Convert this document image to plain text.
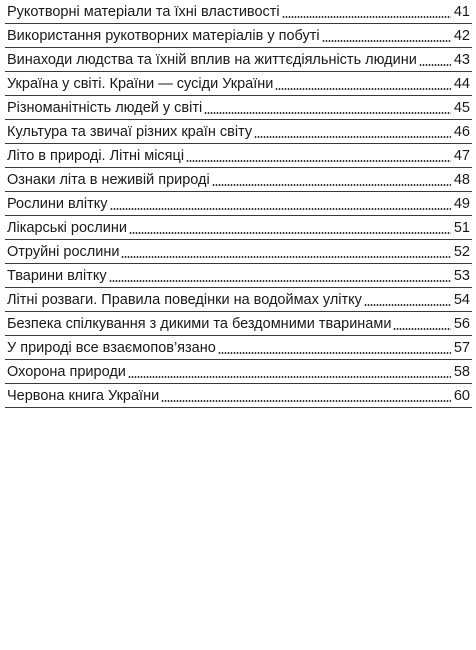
Рукотворні матеріали та їхні властивості	41
Використання рукотворних матеріалів у побуті	42
Винаходи людства та їхній вплив на життєдіяльність людини	43
Україна у світі. Країни — сусіди України	44
Різноманітність людей у світі	45
Культура та звичаї різних країн світу	46
Літо в природі. Літні місяці	47
Ознаки літа в неживій природі	48
Рослини влітку	49
Лікарські рослини	51
Отруйні рослини	52
Тварини влітку	53
Літні розваги. Правила поведінки на водоймах улітку	54
Безпека спілкування з дикими та бездомними тваринами	56
У природі все взаємопов’язано	57
Охорона природи	58
Червона книга України	60
